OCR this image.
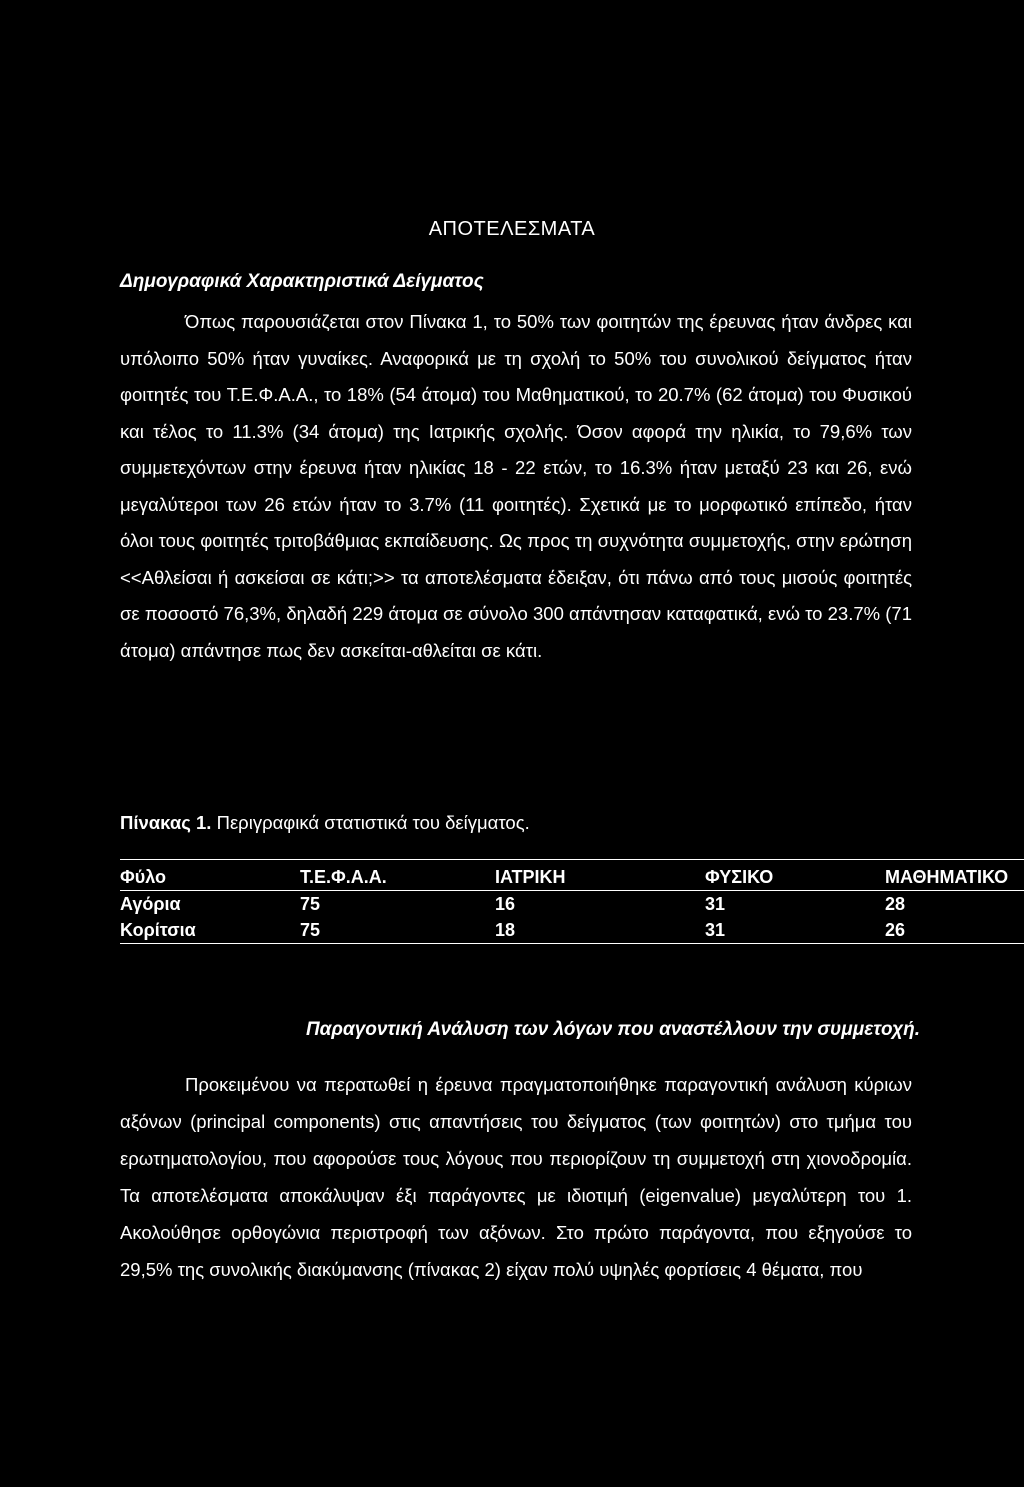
ΑΠΟΤΕΛΕΣΜΑΤΑ
Δημογραφικά Χαρακτηριστικά Δείγματος

Όπως παρουσιάζεται στον Πίνακα 1, το 50% των φοιτητών της έρευνας ήταν άνδρες και υπόλοιπο 50% ήταν γυναίκες. Αναφορικά με τη σχολή το 50% του συνολικού δείγματος ήταν φοιτητές του Τ.Ε.Φ.Α.Α., το 18% (54 άτομα) του Μαθηματικού, το 20.7% (62 άτομα) του Φυσικού και τέλος το 11.3% (34 άτομα) της Ιατρικής σχολής. Όσον αφορά την ηλικία, το 79,6% των συμμετεχόντων στην έρευνα ήταν ηλικίας 18 - 22 ετών, το 16.3% ήταν μεταξύ 23 και 26, ενώ μεγαλύτεροι των 26 ετών ήταν το 3.7% (11 φοιτητές). Σχετικά με το μορφωτικό επίπεδο, ήταν όλοι τους φοιτητές τριτοβάθμιας εκπαίδευσης. Ως προς τη συχνότητα συμμετοχής, στην ερώτηση <<Αθλείσαι ή ασκείσαι σε κάτι;>> τα αποτελέσματα έδειξαν, ότι πάνω από τους μισούς φοιτητές σε ποσοστό 76,3%, δηλαδή 229 άτομα σε σύνολο 300 απάντησαν καταφατικά, ενώ το 23.7% (71 άτομα) απάντησε πως δεν ασκείται-αθλείται σε κάτι.

Πίνακας 1. Περιγραφικά στατιστικά του δείγματος.
Φύλο	Τ.Ε.Φ.Α.Α.	ΙΑΤΡΙΚΗ	ΦΥΣΙΚΟ	ΜΑΘΗΜΑΤΙΚΟ
Αγόρια	75	16	31	28
Κορίτσια	75	18	31	26
Παραγοντική Ανάλυση των λόγων που αναστέλλουν την συμμετοχή.

Προκειμένου να περατωθεί η έρευνα πραγματοποιήθηκε παραγοντική ανάλυση κύριων αξόνων (principal components) στις απαντήσεις του δείγματος (των φοιτητών) στο τμήμα του ερωτηματολογίου, που αφορούσε τους λόγους που περιορίζουν τη συμμετοχή στη χιονοδρομία. Τα αποτελέσματα αποκάλυψαν έξι παράγοντες με ιδιοτιμή (eigenvalue) μεγαλύτερη του 1. Ακολούθησε ορθογώνια περιστροφή των αξόνων. Στο πρώτο παράγοντα, που εξηγούσε το 29,5% της συνολικής διακύμανσης (πίνακας 2) είχαν πολύ υψηλές φορτίσεις 4 θέματα, που
